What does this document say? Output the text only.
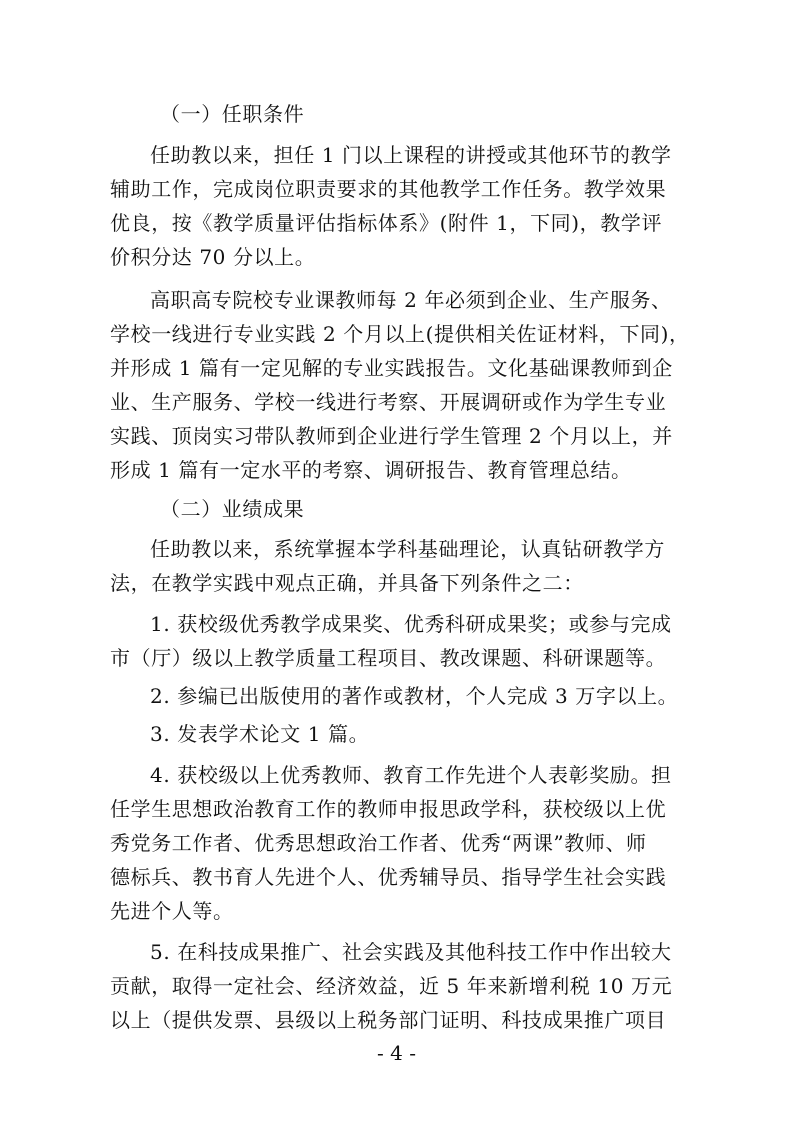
（一）任职条件
任助教以来，担任 1 门以上课程的讲授或其他环节的教学
辅助工作，完成岗位职责要求的其他教学工作任务。教学效果
优良，按《教学质量评估指标体系》(附件 1，下同)，教学评
价积分达 70 分以上。
高职高专院校专业课教师每 2 年必须到企业、生产服务、
学校一线进行专业实践 2 个月以上(提供相关佐证材料，下同)，
并形成 1 篇有一定见解的专业实践报告。文化基础课教师到企
业、生产服务、学校一线进行考察、开展调研或作为学生专业
实践、顶岗实习带队教师到企业进行学生管理 2 个月以上，并
形成 1 篇有一定水平的考察、调研报告、教育管理总结。
（二）业绩成果
任助教以来，系统掌握本学科基础理论，认真钻研教学方
法，在教学实践中观点正确，并具备下列条件之二：
1. 获校级优秀教学成果奖、优秀科研成果奖；或参与完成
市（厅）级以上教学质量工程项目、教改课题、科研课题等。
2. 参编已出版使用的著作或教材，个人完成 3 万字以上。
3. 发表学术论文 1 篇。
4. 获校级以上优秀教师、教育工作先进个人表彰奖励。担
任学生思想政治教育工作的教师申报思政学科，获校级以上优
秀党务工作者、优秀思想政治工作者、优秀“两课”教师、师
德标兵、教书育人先进个人、优秀辅导员、指导学生社会实践
先进个人等。
5. 在科技成果推广、社会实践及其他科技工作中作出较大
贡献，取得一定社会、经济效益，近 5 年来新增利税 10 万元
以上（提供发票、县级以上税务部门证明、科技成果推广项目
- 4 -
